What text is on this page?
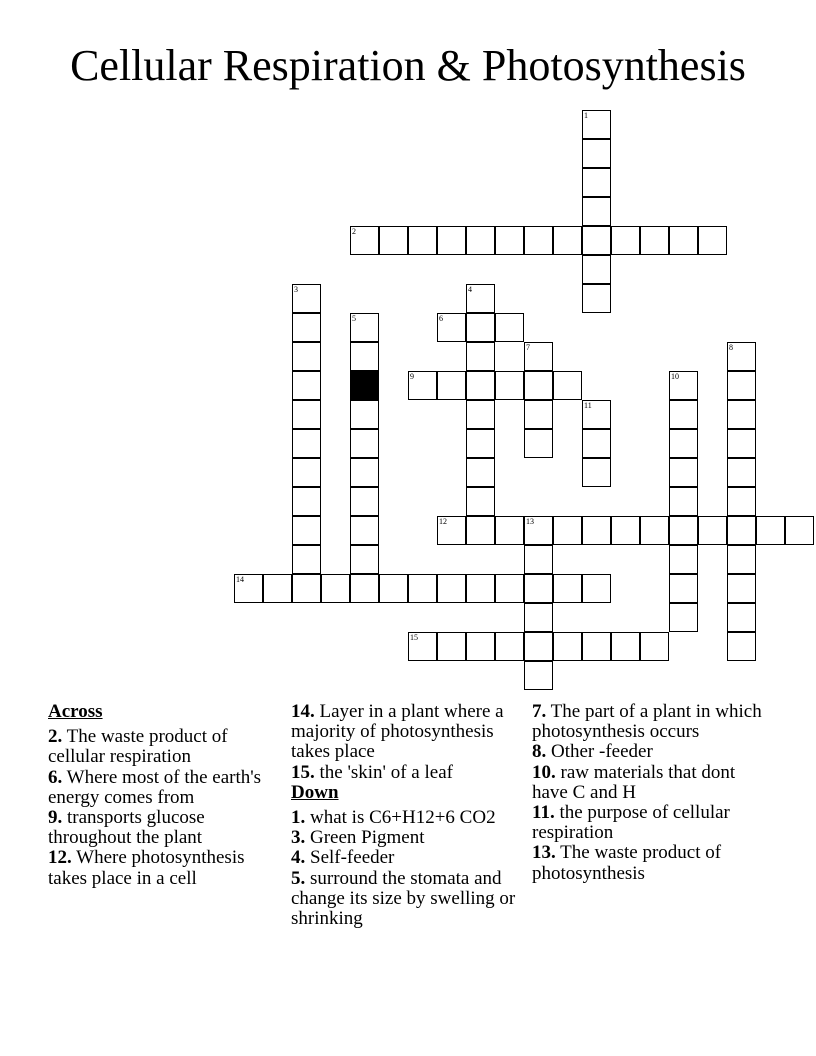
Cellular Respiration & Photosynthesis
1
2
3	4
5	6
7	8
9	10
11
12	13
14
15
Across
2. The waste product of cellular respiration
6. Where most of the earth's energy comes from
9. transports glucose throughout the plant
12. Where photosynthesis takes place in a cell
14. Layer in a plant where a majority of photosynthesis takes place
15. the 'skin' of a leaf
Down
1. what is C6+H12+6 CO2
3. Green Pigment
4. Self-feeder
5. surround the stomata and change its size by swelling or shrinking
7. The part of a plant in which photosynthesis occurs
8. Other -feeder
10. raw materials that dont have C and H
11. the purpose of cellular respiration
13. The waste product of photosynthesis
